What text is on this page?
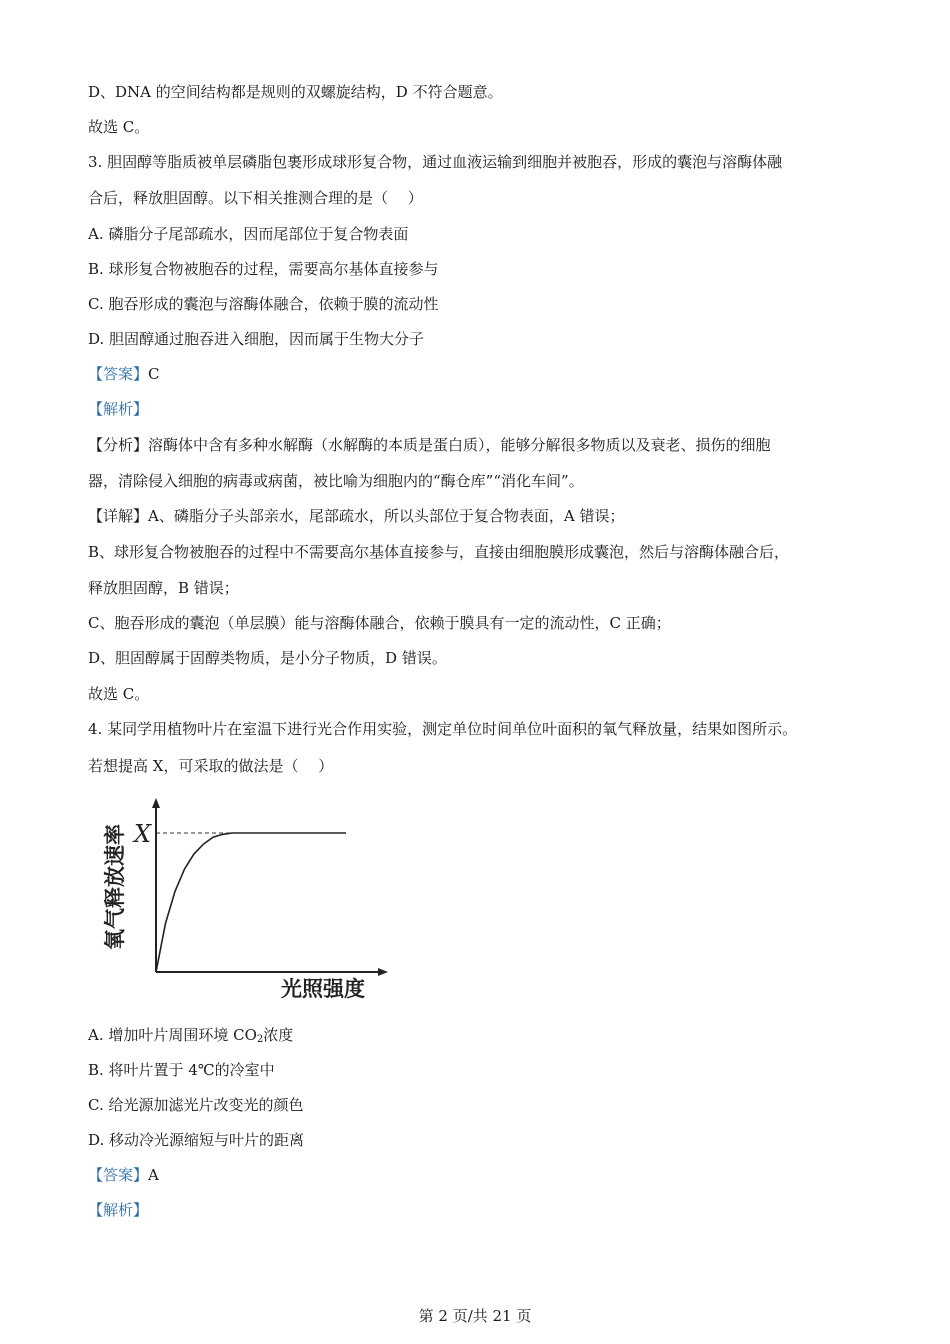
D、DNA 的空间结构都是规则的双螺旋结构，D 不符合题意。
故选 C。
3. 胆固醇等脂质被单层磷脂包裹形成球形复合物，通过血液运输到细胞并被胞吞，形成的囊泡与溶酶体融
合后，释放胆固醇。以下相关推测合理的是（　 ）
A. 磷脂分子尾部疏水，因而尾部位于复合物表面
B. 球形复合物被胞吞的过程，需要高尔基体直接参与
C. 胞吞形成的囊泡与溶酶体融合，依赖于膜的流动性
D. 胆固醇通过胞吞进入细胞，因而属于生物大分子
【答案】C
【解析】
【分析】溶酶体中含有多种水解酶（水解酶的本质是蛋白质），能够分解很多物质以及衰老、损伤的细胞
器，清除侵入细胞的病毒或病菌，被比喻为细胞内的“酶仓库”“消化车间”。
【详解】A、磷脂分子头部亲水，尾部疏水，所以头部位于复合物表面，A 错误；
B、球形复合物被胞吞的过程中不需要高尔基体直接参与，直接由细胞膜形成囊泡，然后与溶酶体融合后，
释放胆固醇，B 错误；
C、胞吞形成的囊泡（单层膜）能与溶酶体融合，依赖于膜具有一定的流动性，C 正确；
D、胆固醇属于固醇类物质，是小分子物质，D 错误。
故选 C。
4. 某同学用植物叶片在室温下进行光合作用实验，测定单位时间单位叶面积的氧气释放量，结果如图所示。
若想提高 X，可采取的做法是（　 ）
X
氧气释放速率
光照强度
A. 增加叶片周围环境 $CO_2$浓度
B. 将叶片置于 4℃的冷室中
C. 给光源加滤光片改变光的颜色
D. 移动冷光源缩短与叶片的距离
【答案】A
【解析】
第 2 页/共 21 页
